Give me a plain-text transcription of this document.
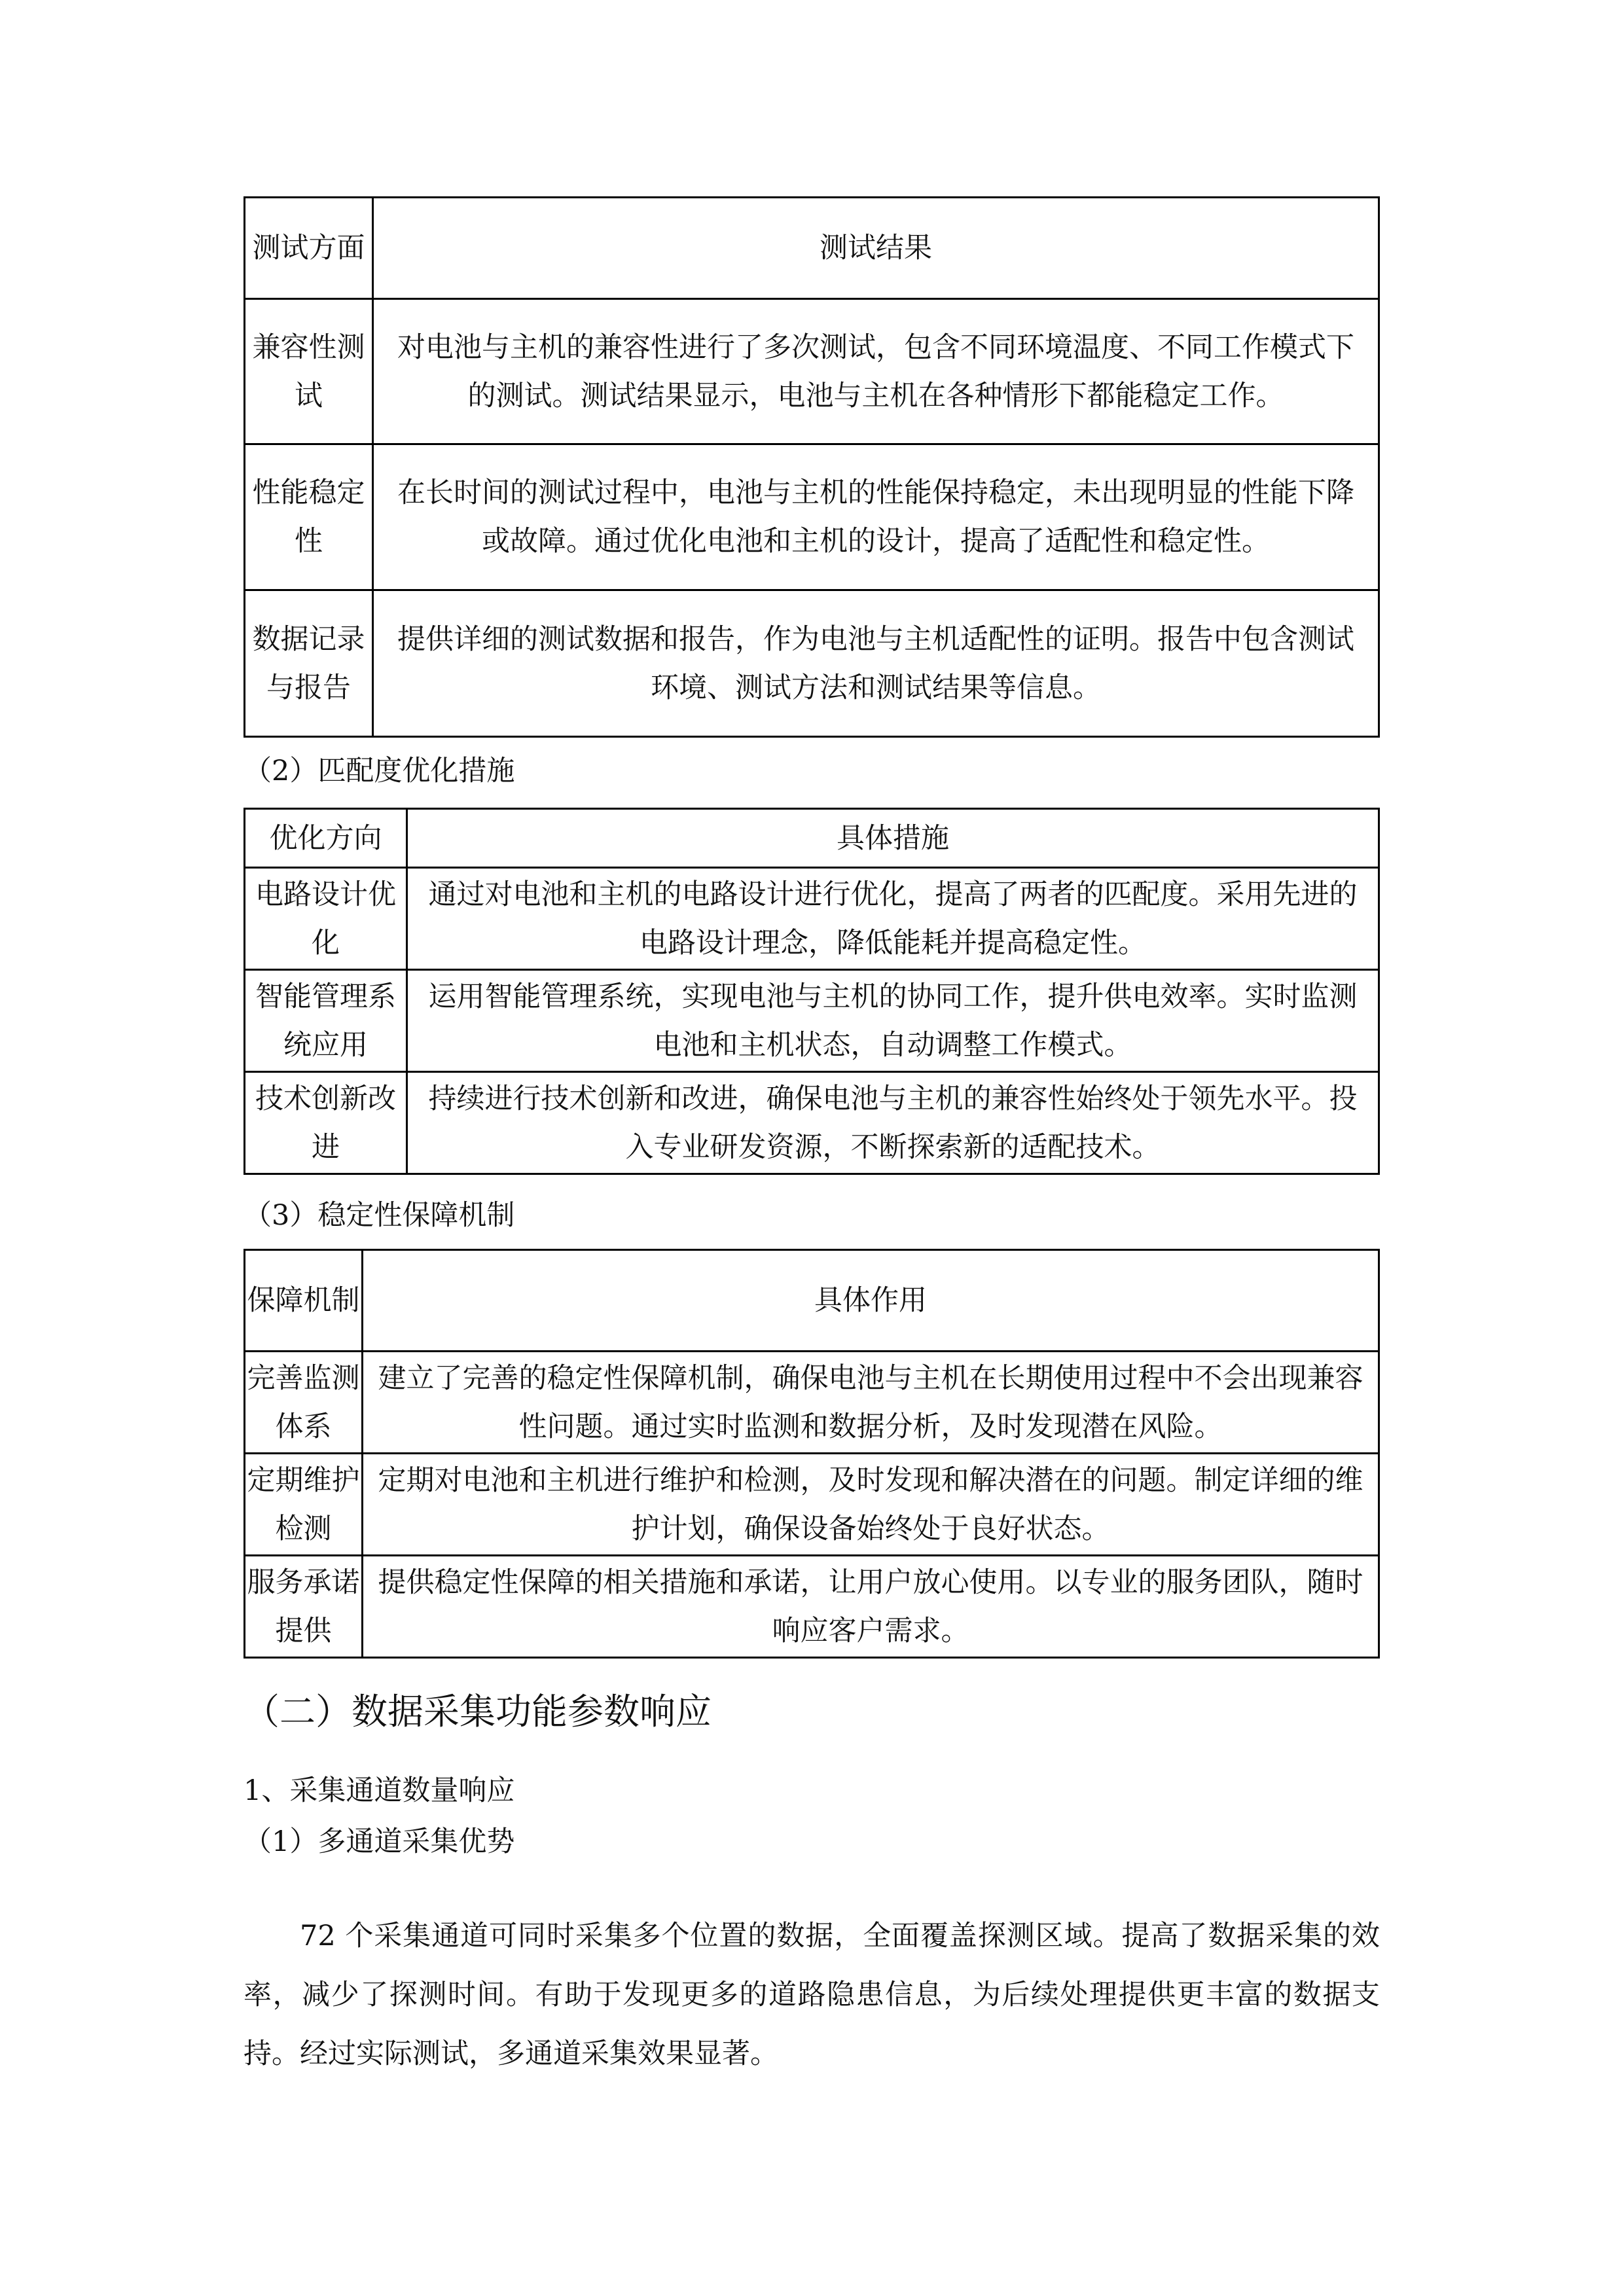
测试方面	测试结果
兼容性测试	对电池与主机的兼容性进行了多次测试，包含不同环境温度、不同工作模式下的测试。测试结果显示，电池与主机在各种情形下都能稳定工作。
性能稳定性	在长时间的测试过程中，电池与主机的性能保持稳定，未出现明显的性能下降或故障。通过优化电池和主机的设计，提高了适配性和稳定性。
数据记录与报告	提供详细的测试数据和报告，作为电池与主机适配性的证明。报告中包含测试环境、测试方法和测试结果等信息。
（2）匹配度优化措施
优化方向	具体措施
电路设计优化	通过对电池和主机的电路设计进行优化，提高了两者的匹配度。采用先进的电路设计理念，降低能耗并提高稳定性。
智能管理系统应用	运用智能管理系统，实现电池与主机的协同工作，提升供电效率。实时监测电池和主机状态，自动调整工作模式。
技术创新改进	持续进行技术创新和改进，确保电池与主机的兼容性始终处于领先水平。投入专业研发资源，不断探索新的适配技术。
（3）稳定性保障机制
保障机制	具体作用
完善监测体系	建立了完善的稳定性保障机制，确保电池与主机在长期使用过程中不会出现兼容性问题。通过实时监测和数据分析，及时发现潜在风险。
定期维护检测	定期对电池和主机进行维护和检测，及时发现和解决潜在的问题。制定详细的维护计划，确保设备始终处于良好状态。
服务承诺提供	提供稳定性保障的相关措施和承诺，让用户放心使用。以专业的服务团队，随时响应客户需求。
（二）数据采集功能参数响应
1、采集通道数量响应
（1）多通道采集优势

72 个采集通道可同时采集多个位置的数据，全面覆盖探测区域。提高了数据采集的效率，减少了探测时间。有助于发现更多的道路隐患信息，为后续处理提供更丰富的数据支持。经过实际测试，多通道采集效果显著。
